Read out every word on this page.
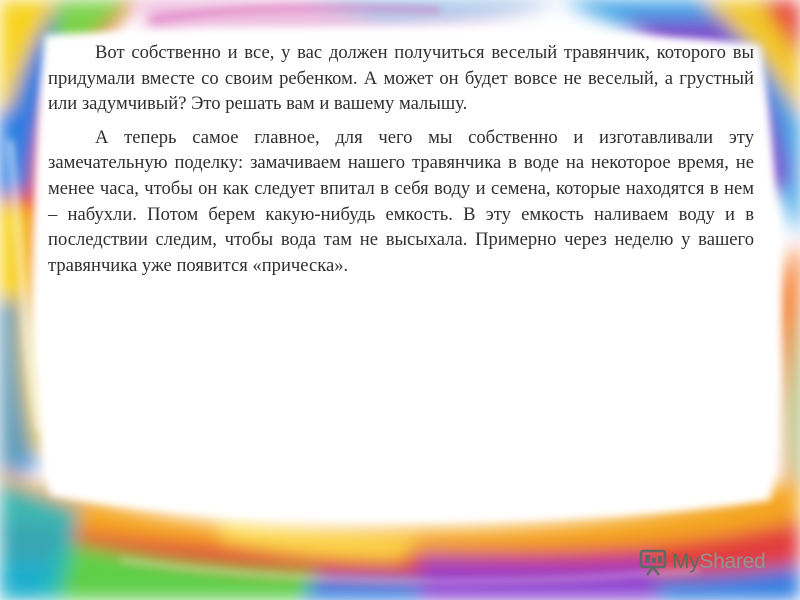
Вот собственно и все, у вас должен получиться веселый травянчик, которого вы придумали вместе со своим ребенком. А может он будет вовсе не веселый, а грустный или задумчивый? Это решать вам и вашему малышу.

А теперь самое главное, для чего мы собственно и изготавливали эту замечательную поделку: замачиваем нашего травянчика в воде на некоторое время, не менее часа, чтобы он как следует впитал в себя воду и семена, которые находятся в нем – набухли. Потом берем какую-нибудь емкость. В эту емкость наливаем воду и в последствии следим, чтобы вода там не высыхала. Примерно через неделю у вашего травянчика уже появится «прическа».

MyShared
